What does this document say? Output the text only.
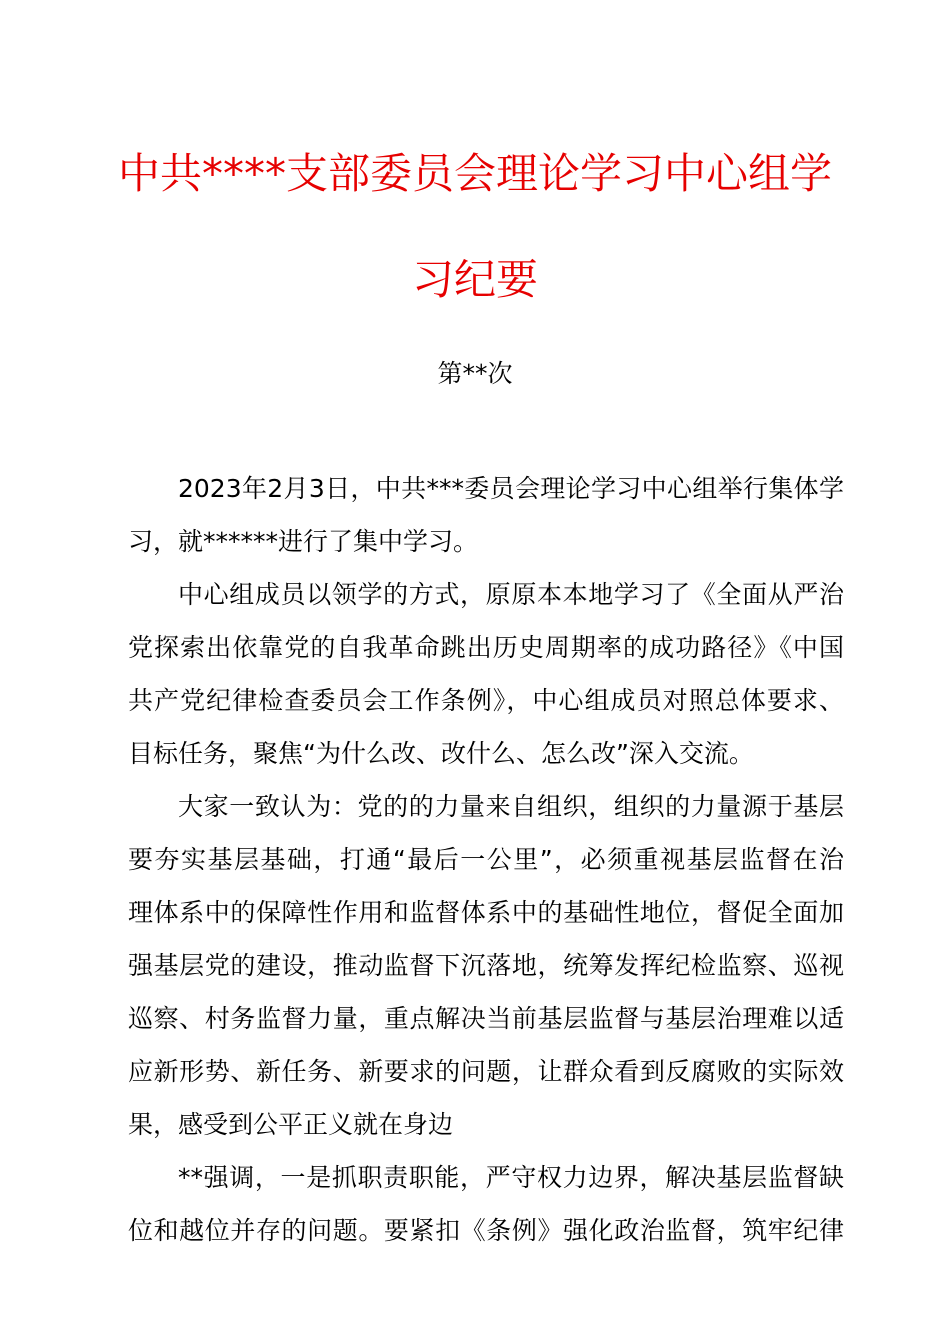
中共****支部委员会理论学习中心组学
习纪要
第**次
2023年2月3日，中共***委员会理论学习中心组举行集体学
习，就******进行了集中学习。
中心组成员以领学的方式，原原本本地学习了《全面从严治
党探索出依靠党的自我革命跳出历史周期率的成功路径》《中国
共产党纪律检查委员会工作条例》，中心组成员对照总体要求、
目标任务，聚焦“为什么改、改什么、怎么改”深入交流。
大家一致认为：党的的力量来自组织，组织的力量源于基层
要夯实基层基础，打通“最后一公里”，必须重视基层监督在治
理体系中的保障性作用和监督体系中的基础性地位，督促全面加
强基层党的建设，推动监督下沉落地，统筹发挥纪检监察、巡视
巡察、村务监督力量，重点解决当前基层监督与基层治理难以适
应新形势、新任务、新要求的问题，让群众看到反腐败的实际效
果，感受到公平正义就在身边
**强调，一是抓职责职能，严守权力边界，解决基层监督缺
位和越位并存的问题。要紧扣《条例》强化政治监督，筑牢纪律
